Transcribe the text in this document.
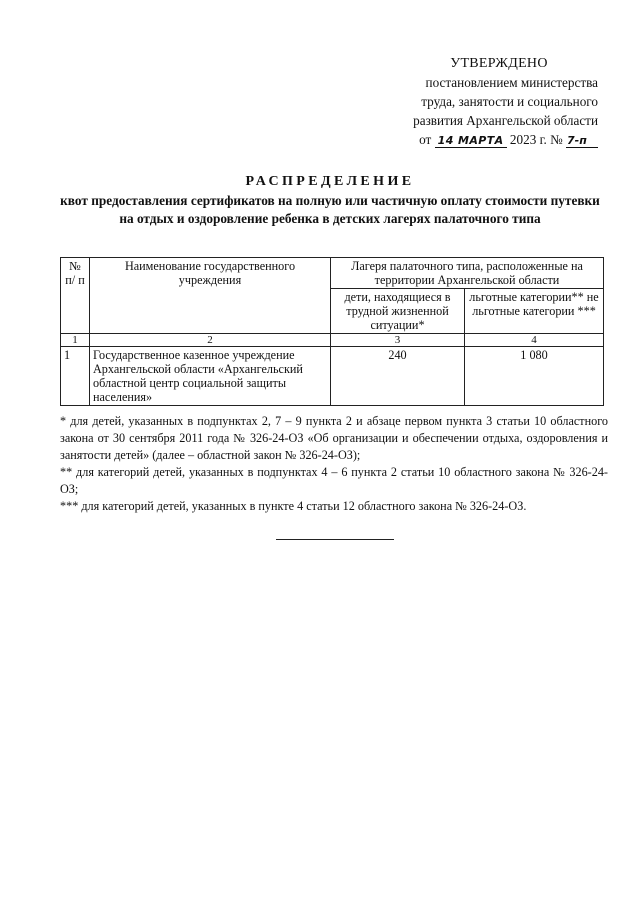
УТВЕРЖДЕНО
постановлением министерства
труда, занятости и социального
развития Архангельской области
от 14 МАРТА 2023 г. № 7-п
РАСПРЕДЕЛЕНИЕ
квот предоставления сертификатов на полную или частичную оплату стоимости путевки на отдых и оздоровление ребенка в детских лагерях палаточного типа
№ п/ п	Наименование государственного учреждения	Лагеря палаточного типа, расположенные на территории Архангельской области	
		дети, находящиеся в трудной жизненной ситуации*	льготные категории** не льготные категории ***
1	2	3	4
1	Государственное казенное учреждение Архангельской области «Архангельский областной центр социальной защиты населения»	240	1 080

* для детей, указанных в подпунктах 2, 7 – 9 пункта 2 и абзаце первом пункта 3 статьи 10 областного закона от 30 сентября 2011 года № 326-24-ОЗ «Об организации и обеспечении отдыха, оздоровления и занятости детей» (далее – областной закон № 326-24-ОЗ);

** для категорий детей, указанных в подпунктах 4 – 6 пункта 2 статьи 10 областного закона № 326-24-ОЗ;

*** для категорий детей, указанных в пункте 4 статьи 12 областного закона № 326-24-ОЗ.
